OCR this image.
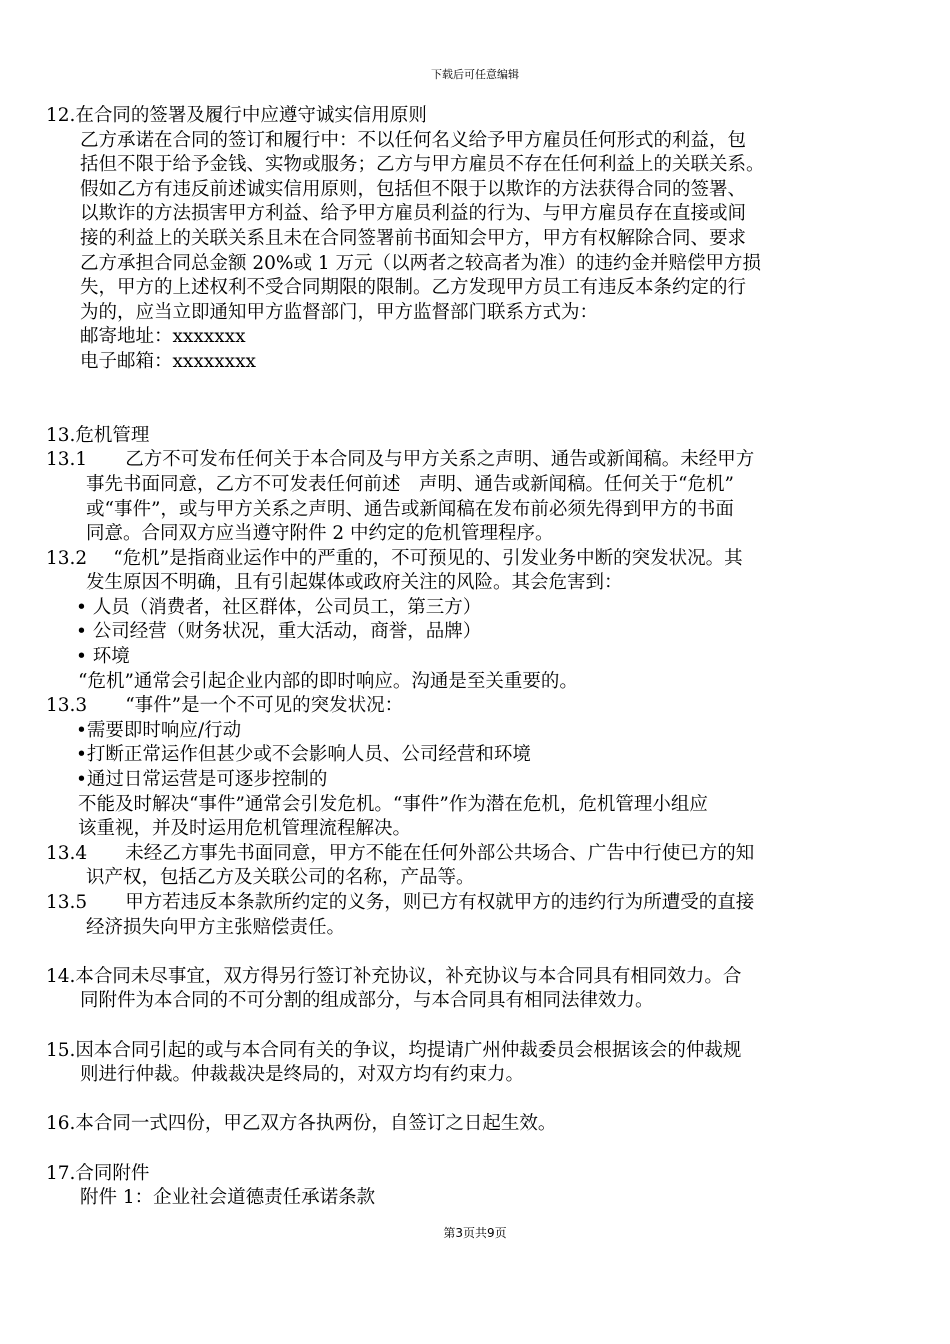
下载后可任意编辑
12.在合同的签署及履行中应遵守诚实信用原则
乙方承诺在合同的签订和履行中：不以任何名义给予甲方雇员任何形式的利益，包
括但不限于给予金钱、实物或服务；乙方与甲方雇员不存在任何利益上的关联关系。
假如乙方有违反前述诚实信用原则，包括但不限于以欺诈的方法获得合同的签署、
以欺诈的方法损害甲方利益、给予甲方雇员利益的行为、与甲方雇员存在直接或间
接的利益上的关联关系且未在合同签署前书面知会甲方，甲方有权解除合同、要求
乙方承担合同总金额 20%或 1 万元（以两者之较高者为准）的违约金并赔偿甲方损
失，甲方的上述权利不受合同期限的限制。乙方发现甲方员工有违反本条约定的行
为的，应当立即通知甲方监督部门，甲方监督部门联系方式为：
邮寄地址：xxxxxxx
电子邮箱：xxxxxxxx
13.危机管理
13.1 乙方不可发布任何关于本合同及与甲方关系之声明、通告或新闻稿。未经甲方
事先书面同意，乙方不可发表任何前述　声明、通告或新闻稿。任何关于“危机”
或“事件”，或与甲方关系之声明、通告或新闻稿在发布前必须先得到甲方的书面
同意。合同双方应当遵守附件 2 中约定的危机管理程序。
13.2 “危机”是指商业运作中的严重的，不可预见的、引发业务中断的突发状况。其
发生原因不明确，且有引起媒体或政府关注的风险。其会危害到：
• 人员（消费者，社区群体，公司员工，第三方）
• 公司经营（财务状况，重大活动，商誉，品牌）
• 环境
“危机”通常会引起企业内部的即时响应。沟通是至关重要的。
13.3 “事件”是一个不可见的突发状况：
•需要即时响应/行动
•打断正常运作但甚少或不会影响人员、公司经营和环境
•通过日常运营是可逐步控制的
不能及时解决“事件”通常会引发危机。“事件”作为潜在危机，危机管理小组应
该重视，并及时运用危机管理流程解决。
13.4 未经乙方事先书面同意，甲方不能在任何外部公共场合、广告中行使已方的知
识产权，包括乙方及关联公司的名称，产品等。
13.5 甲方若违反本条款所约定的义务，则已方有权就甲方的违约行为所遭受的直接
经济损失向甲方主张赔偿责任。
14.本合同未尽事宜，双方得另行签订补充协议，补充协议与本合同具有相同效力。合
同附件为本合同的不可分割的组成部分，与本合同具有相同法律效力。
15.因本合同引起的或与本合同有关的争议，均提请广州仲裁委员会根据该会的仲裁规
则进行仲裁。仲裁裁决是终局的，对双方均有约束力。
16.本合同一式四份，甲乙双方各执两份，自签订之日起生效。
17.合同附件
附件 1：企业社会道德责任承诺条款
第3页共9页
